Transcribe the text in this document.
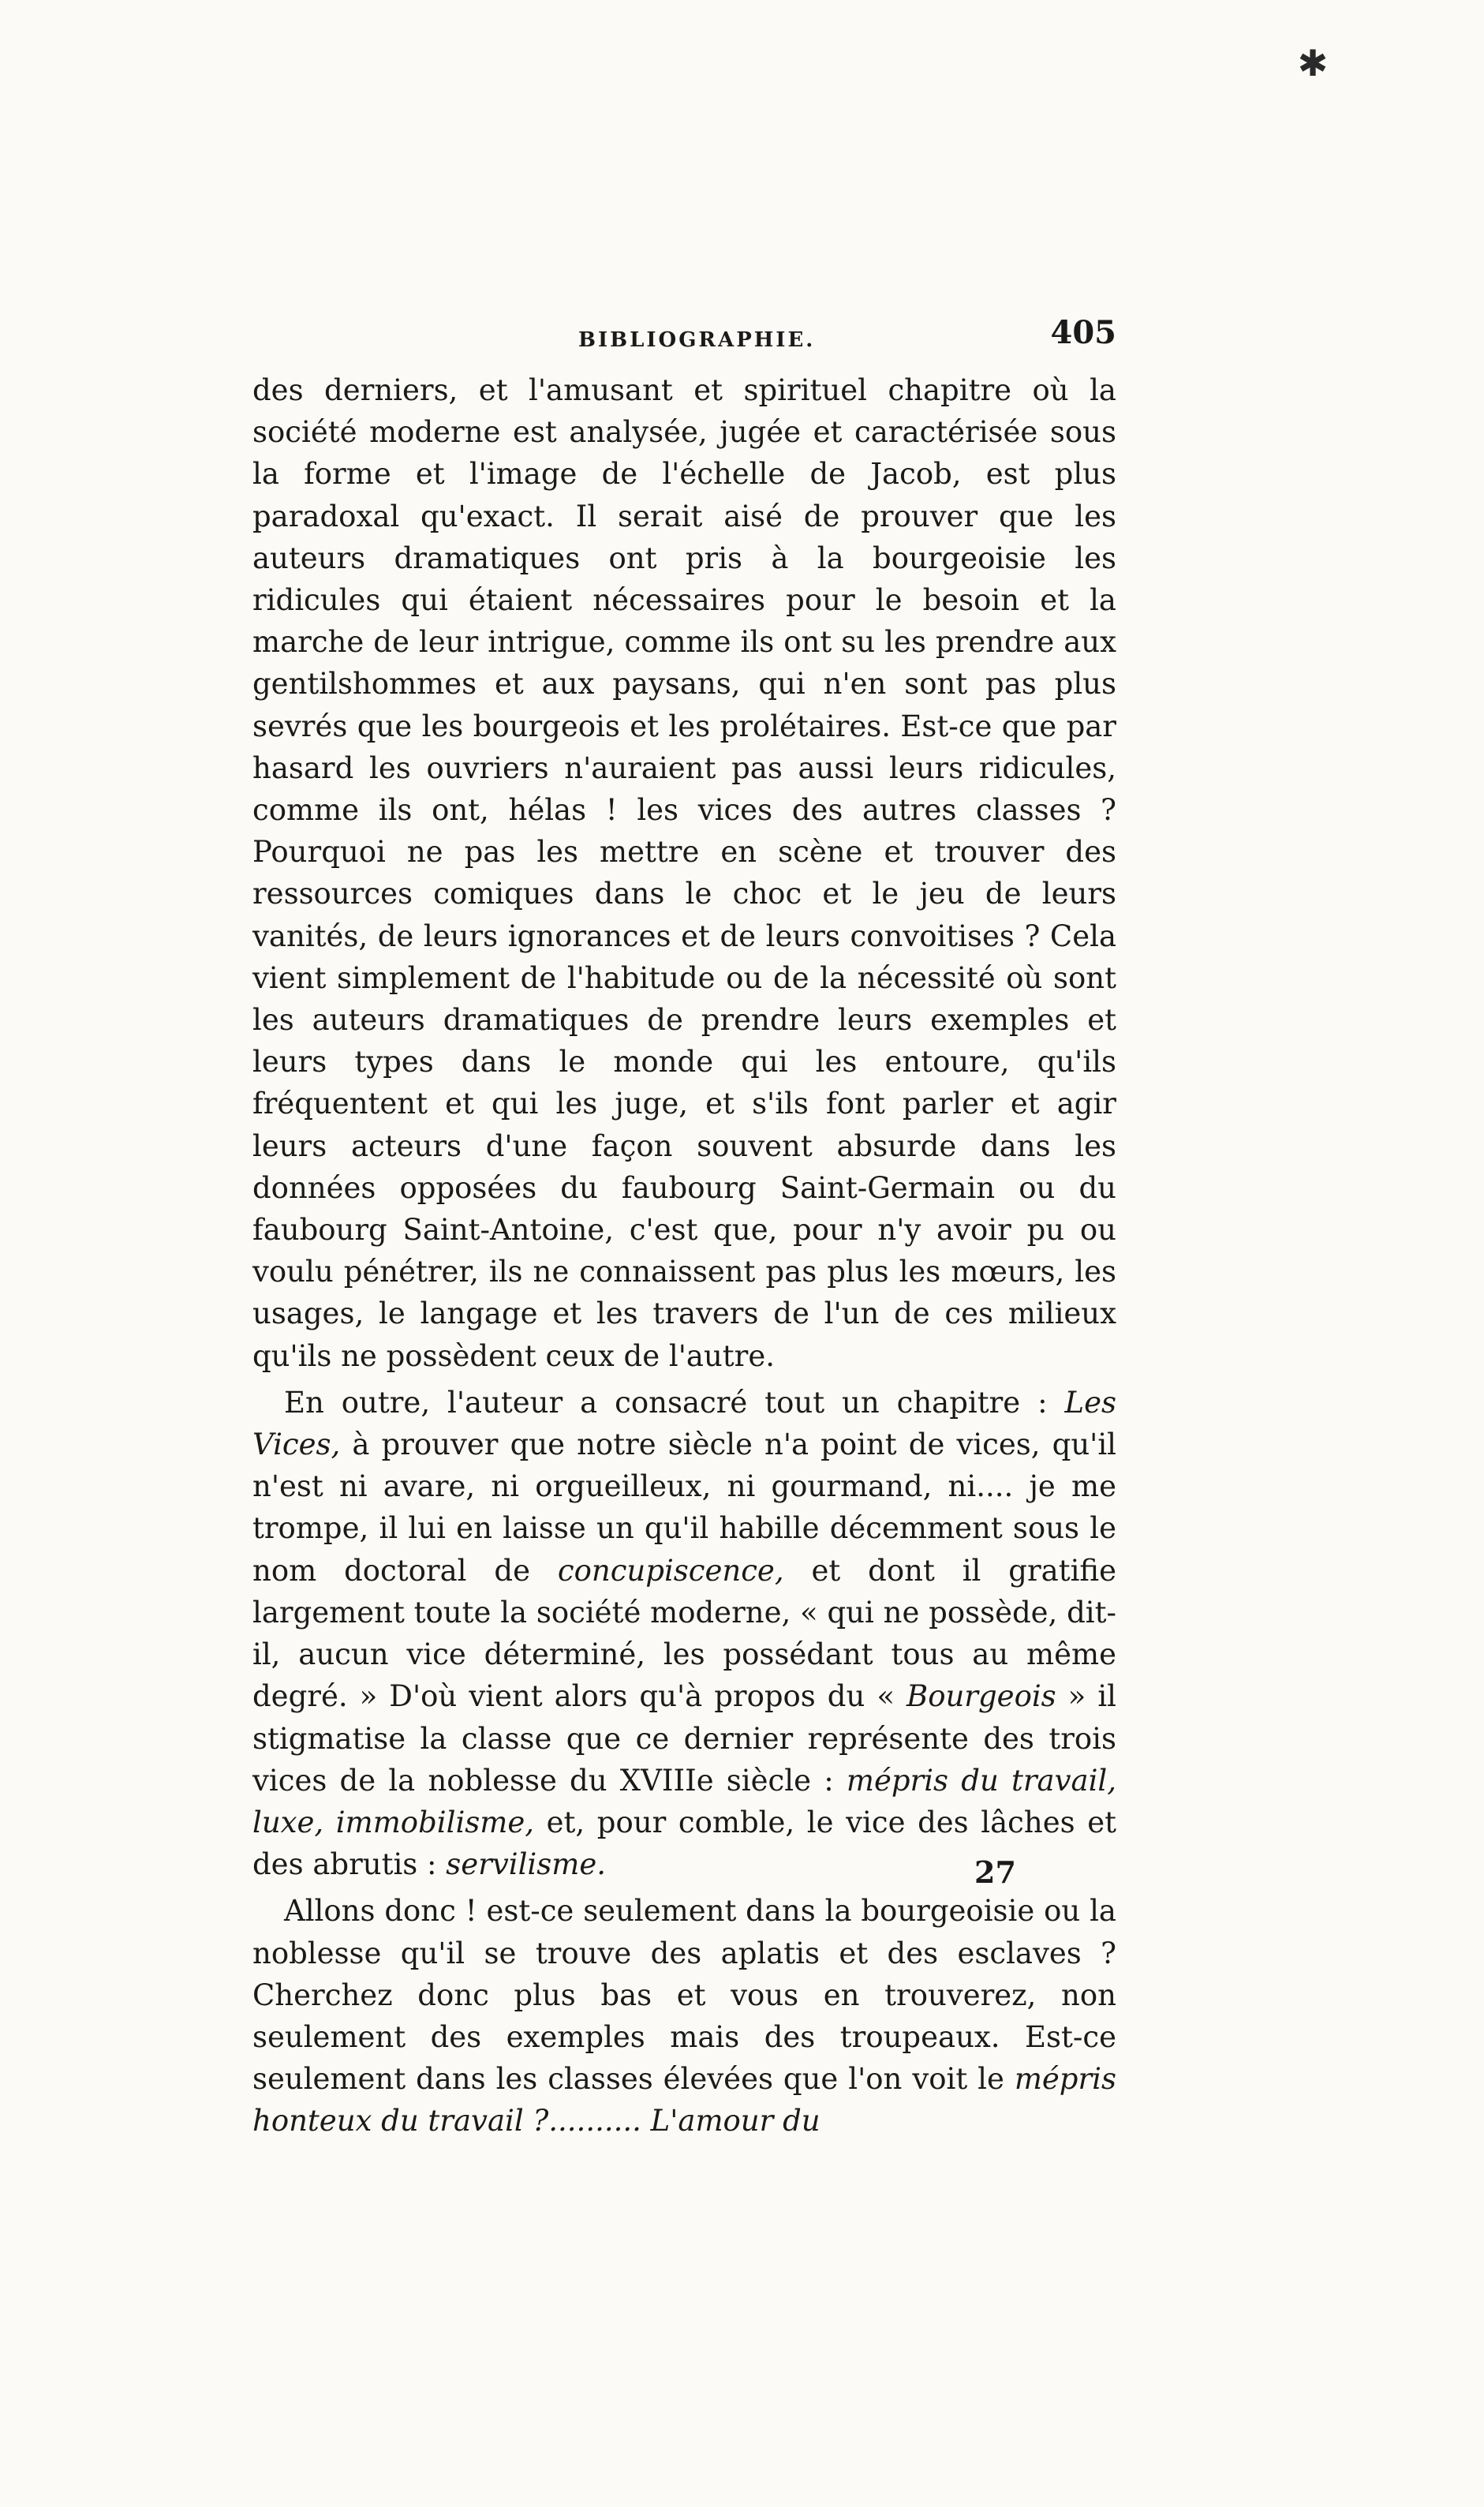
✱
BIBLIOGRAPHIE.	405

des derniers, et l'amusant et spirituel chapitre où la société moderne est analysée, jugée et caractérisée sous la forme et l'image de l'échelle de Jacob, est plus paradoxal qu'exact. Il serait aisé de prouver que les auteurs dramatiques ont pris à la bourgeoisie les ridicules qui étaient nécessaires pour le besoin et la marche de leur intrigue, comme ils ont su les prendre aux gentilshommes et aux paysans, qui n'en sont pas plus sevrés que les bourgeois et les prolétaires. Est-ce que par hasard les ouvriers n'auraient pas aussi leurs ridicules, comme ils ont, hélas ! les vices des autres classes ? Pourquoi ne pas les mettre en scène et trouver des ressources comiques dans le choc et le jeu de leurs vanités, de leurs ignorances et de leurs convoitises ? Cela vient simplement de l'habitude ou de la nécessité où sont les auteurs dramatiques de prendre leurs exemples et leurs types dans le monde qui les entoure, qu'ils fréquentent et qui les juge, et s'ils font parler et agir leurs acteurs d'une façon souvent absurde dans les données opposées du faubourg Saint-Germain ou du faubourg Saint-Antoine, c'est que, pour n'y avoir pu ou voulu pénétrer, ils ne connaissent pas plus les mœurs, les usages, le langage et les travers de l'un de ces milieux qu'ils ne possèdent ceux de l'autre.

En outre, l'auteur a consacré tout un chapitre : Les Vices, à prouver que notre siècle n'a point de vices, qu'il n'est ni avare, ni orgueilleux, ni gourmand, ni.... je me trompe, il lui en laisse un qu'il habille décemment sous le nom doctoral de concupiscence, et dont il gratifie largement toute la société moderne, « qui ne possède, dit-il, aucun vice déterminé, les possédant tous au même degré. » D'où vient alors qu'à propos du « Bourgeois » il stigmatise la classe que ce dernier représente des trois vices de la noblesse du XVIIIe siècle : mépris du travail, luxe, immobilisme, et, pour comble, le vice des lâches et des abrutis : servilisme.

Allons donc ! est-ce seulement dans la bourgeoisie ou la noblesse qu'il se trouve des aplatis et des esclaves ? Cherchez donc plus bas et vous en trouverez, non seulement des exemples mais des troupeaux. Est-ce seulement dans les classes élevées que l'on voit le mépris honteux du travail ?.......... L'amour du

27
